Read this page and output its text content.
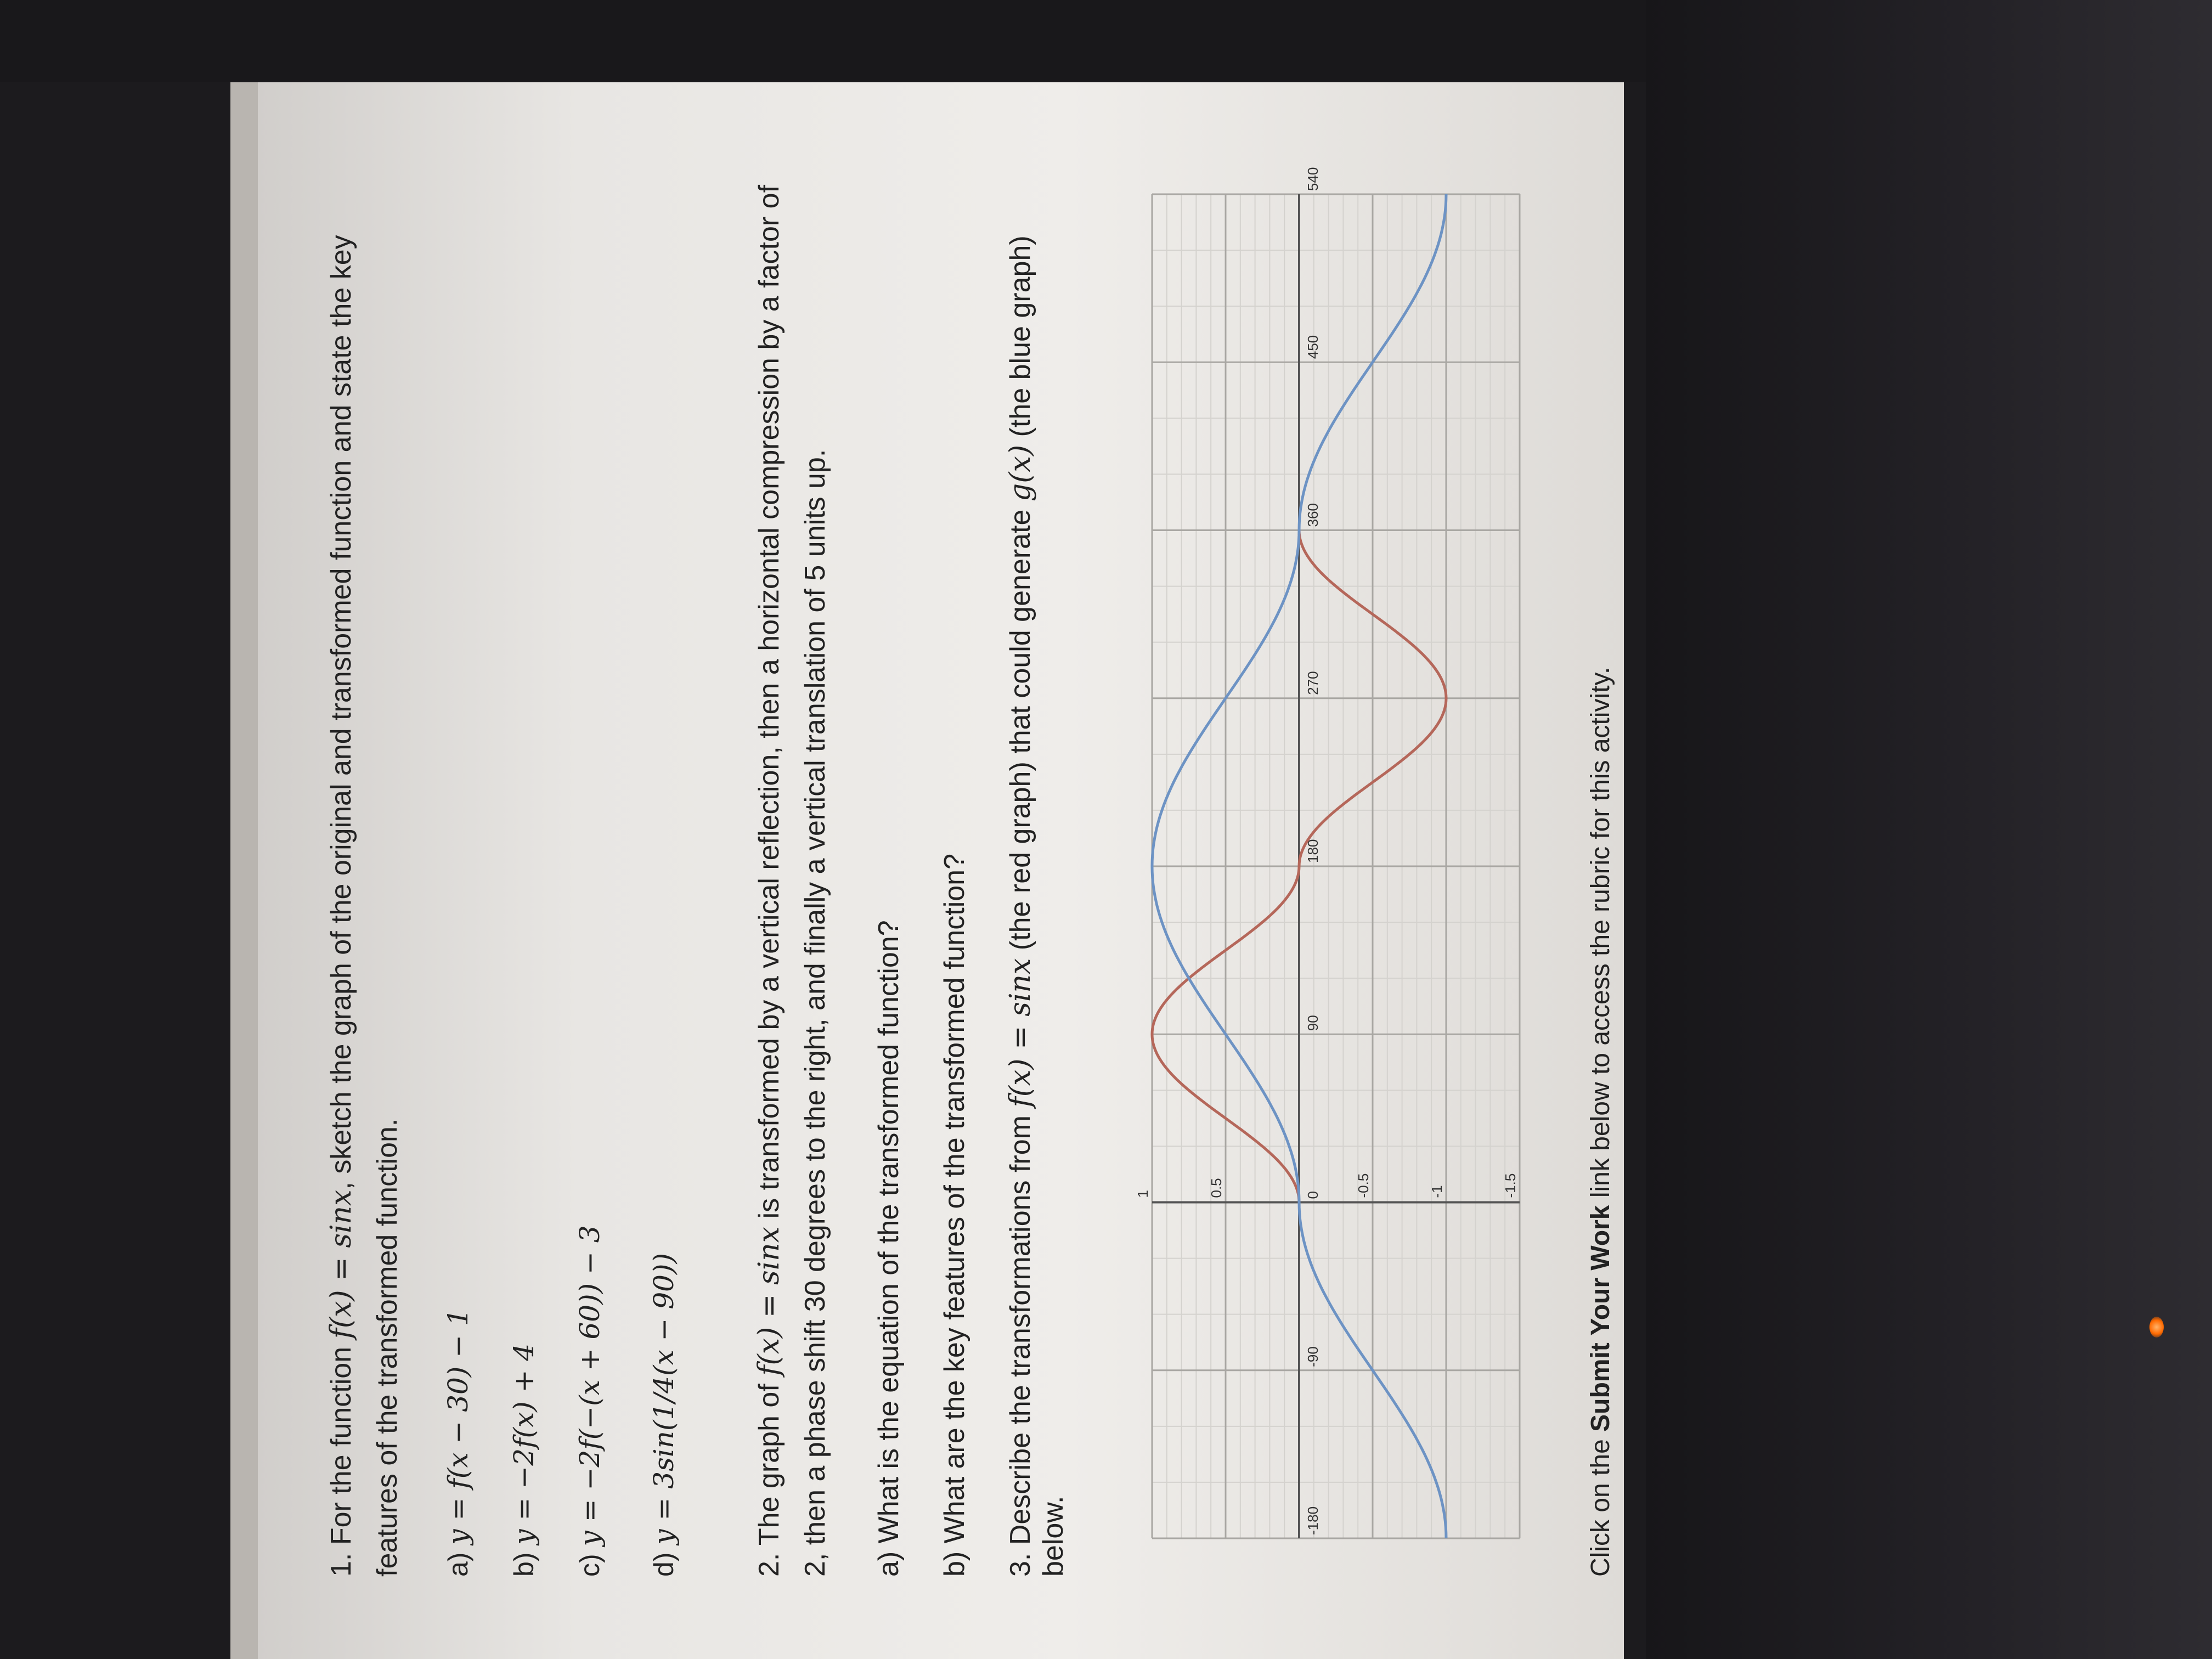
1. For the function f(x) = sinx, sketch the graph of the original and transformed function and state the key features of the transformed function. a) y = f(x − 30) − 1

b) y = −2f(x) + 4

c) y = −2f(−(x + 60)) − 3

d) y = 3sin(1/4(x − 90))	2. The graph of f(x) = sinx is transformed by a vertical reflection, then a horizontal compression by a factor of 2, then a phase shift 30 degrees to the right, and finally a vertical translation of 5 units up. a) What is the equation of the transformed function? b) What are the key features of the transformed function? 3. Describe the transformations from f(x) = sinx (the red graph) that could generate g(x) (the blue graph) below.	-180
-90
0
90
180
270
360
450
540
1	0.5	-0.5	-1	-1.5

Click on the Submit Your Work link below to access the rubric for this activity.
